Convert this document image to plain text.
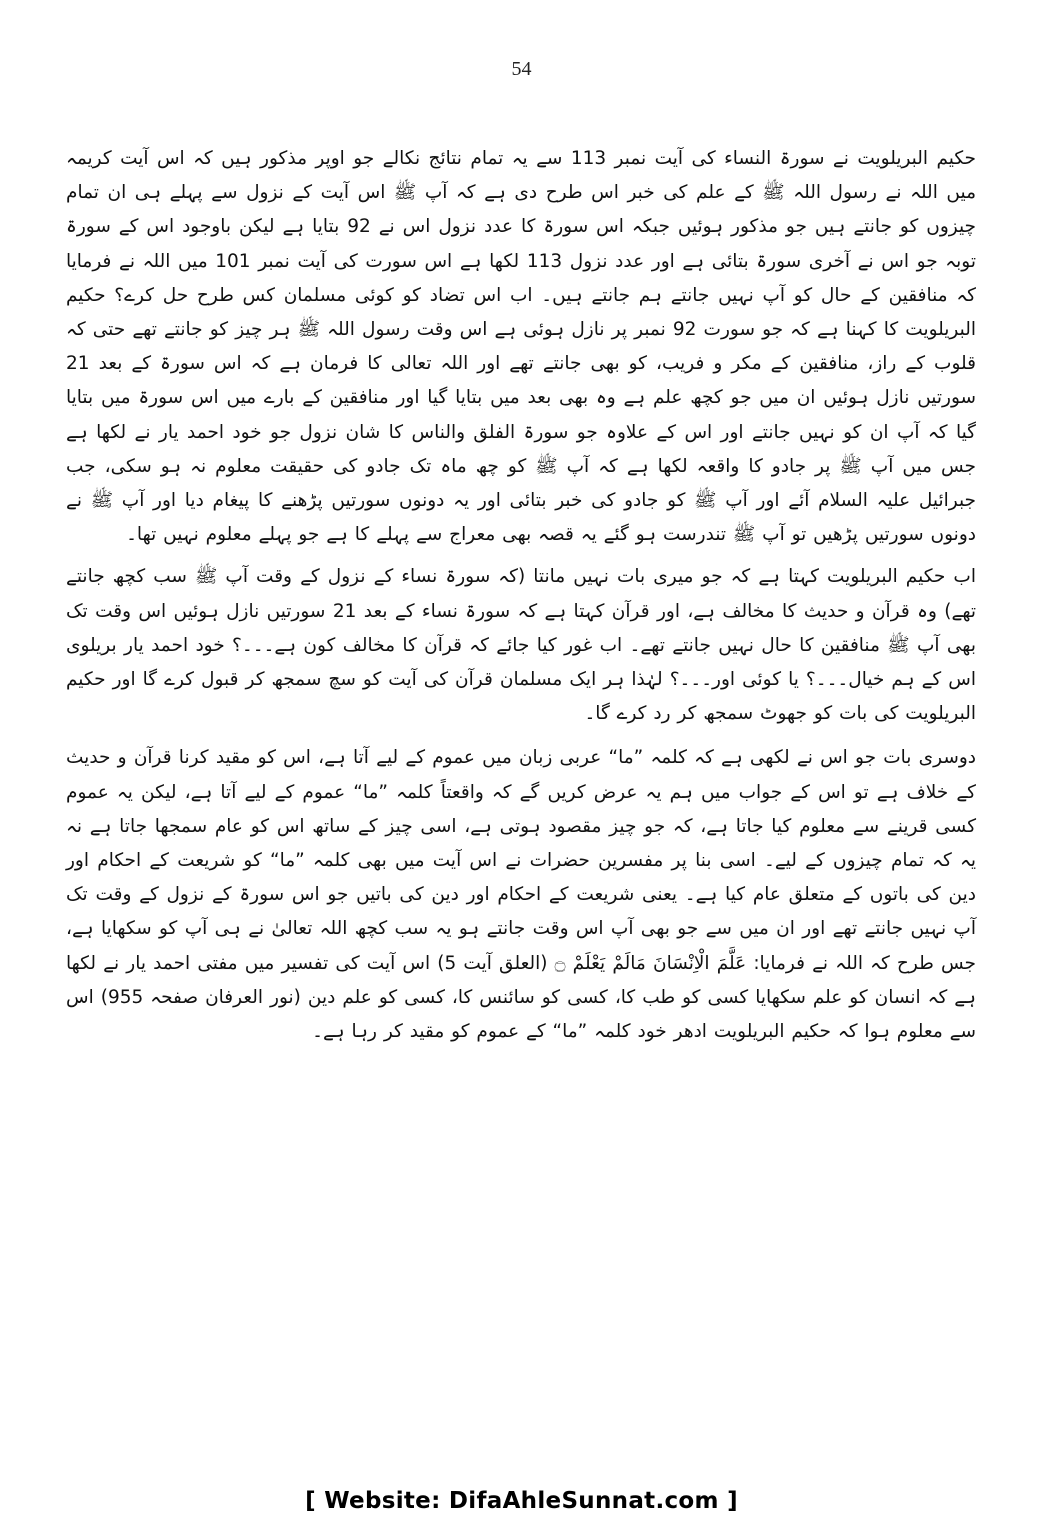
54

حکیم البریلویت نے سورۃ النساء کی آیت نمبر 113 سے یہ تمام نتائج نکالے جو اوپر مذکور ہیں کہ اس آیت کریمہ میں اللہ نے رسول اللہ ﷺ کے علم کی خبر اس طرح دی ہے کہ آپ ﷺ اس آیت کے نزول سے پہلے ہی ان تمام چیزوں کو جانتے ہیں جو مذکور ہوئیں جبکہ اس سورۃ کا عدد نزول اس نے 92 بتایا ہے لیکن باوجود اس کے سورۃ توبہ جو اس نے آخری سورۃ بتائی ہے اور عدد نزول 113 لکھا ہے اس سورت کی آیت نمبر 101 میں اللہ نے فرمایا کہ منافقین کے حال کو آپ نہیں جانتے ہم جانتے ہیں۔ اب اس تضاد کو کوئی مسلمان کس طرح حل کرے؟ حکیم البریلویت کا کہنا ہے کہ جو سورت 92 نمبر پر نازل ہوئی ہے اس وقت رسول اللہ ﷺ ہر چیز کو جانتے تھے حتی کہ قلوب کے راز، منافقین کے مکر و فریب، کو بھی جانتے تھے اور اللہ تعالی کا فرمان ہے کہ اس سورۃ کے بعد 21 سورتیں نازل ہوئیں ان میں جو کچھ علم ہے وہ بھی بعد میں بتایا گیا اور منافقین کے بارے میں اس سورۃ میں بتایا گیا کہ آپ ان کو نہیں جانتے اور اس کے علاوہ جو سورۃ الفلق والناس کا شان نزول جو خود احمد یار نے لکھا ہے جس میں آپ ﷺ پر جادو کا واقعہ لکھا ہے کہ آپ ﷺ کو چھ ماہ تک جادو کی حقیقت معلوم نہ ہو سکی، جب جبرائیل علیہ السلام آئے اور آپ ﷺ کو جادو کی خبر بتائی اور یہ دونوں سورتیں پڑھنے کا پیغام دیا اور آپ ﷺ نے دونوں سورتیں پڑھیں تو آپ ﷺ تندرست ہو گئے یہ قصہ بھی معراج سے پہلے کا ہے جو پہلے معلوم نہیں تھا۔

اب حکیم البریلویت کہتا ہے کہ جو میری بات نہیں مانتا (کہ سورۃ نساء کے نزول کے وقت آپ ﷺ سب کچھ جانتے تھے) وہ قرآن و حدیث کا مخالف ہے، اور قرآن کہتا ہے کہ سورۃ نساء کے بعد 21 سورتیں نازل ہوئیں اس وقت تک بھی آپ ﷺ منافقین کا حال نہیں جانتے تھے۔ اب غور کیا جائے کہ قرآن کا مخالف کون ہے۔۔۔؟ خود احمد یار بریلوی اس کے ہم خیال۔۔۔؟ یا کوئی اور۔۔۔؟ لہٰذا ہر ایک مسلمان قرآن کی آیت کو سچ سمجھ کر قبول کرے گا اور حکیم البریلویت کی بات کو جھوٹ سمجھ کر رد کرے گا۔

دوسری بات جو اس نے لکھی ہے کہ کلمہ ”ما“ عربی زبان میں عموم کے لیے آتا ہے، اس کو مقید کرنا قرآن و حدیث کے خلاف ہے تو اس کے جواب میں ہم یہ عرض کریں گے کہ واقعتاً کلمہ ”ما“ عموم کے لیے آتا ہے، لیکن یہ عموم کسی قرینے سے معلوم کیا جاتا ہے، کہ جو چیز مقصود ہوتی ہے، اسی چیز کے ساتھ اس کو عام سمجھا جاتا ہے نہ یہ کہ تمام چیزوں کے لیے۔ اسی بنا پر مفسرین حضرات نے اس آیت میں بھی کلمہ ”ما“ کو شریعت کے احکام اور دین کی باتوں کے متعلق عام کیا ہے۔ یعنی شریعت کے احکام اور دین کی باتیں جو اس سورۃ کے نزول کے وقت تک آپ نہیں جانتے تھے اور ان میں سے جو بھی آپ اس وقت جانتے ہو یہ سب کچھ اللہ تعالیٰ نے ہی آپ کو سکھایا ہے، جس طرح کہ اللہ نے فرمایا: عَلَّمَ الْاِنْسَانَ مَالَمْ يَعْلَمْ ۝ (العلق آیت 5) اس آیت کی تفسیر میں مفتی احمد یار نے لکھا ہے کہ انسان کو علم سکھایا کسی کو طب کا، کسی کو سائنس کا، کسی کو علم دین (نور العرفان صفحہ 955) اس سے معلوم ہوا کہ حکیم البریلویت ادھر خود کلمہ ”ما“ کے عموم کو مقید کر رہا ہے۔

[ Website: DifaAhleSunnat.com ]
